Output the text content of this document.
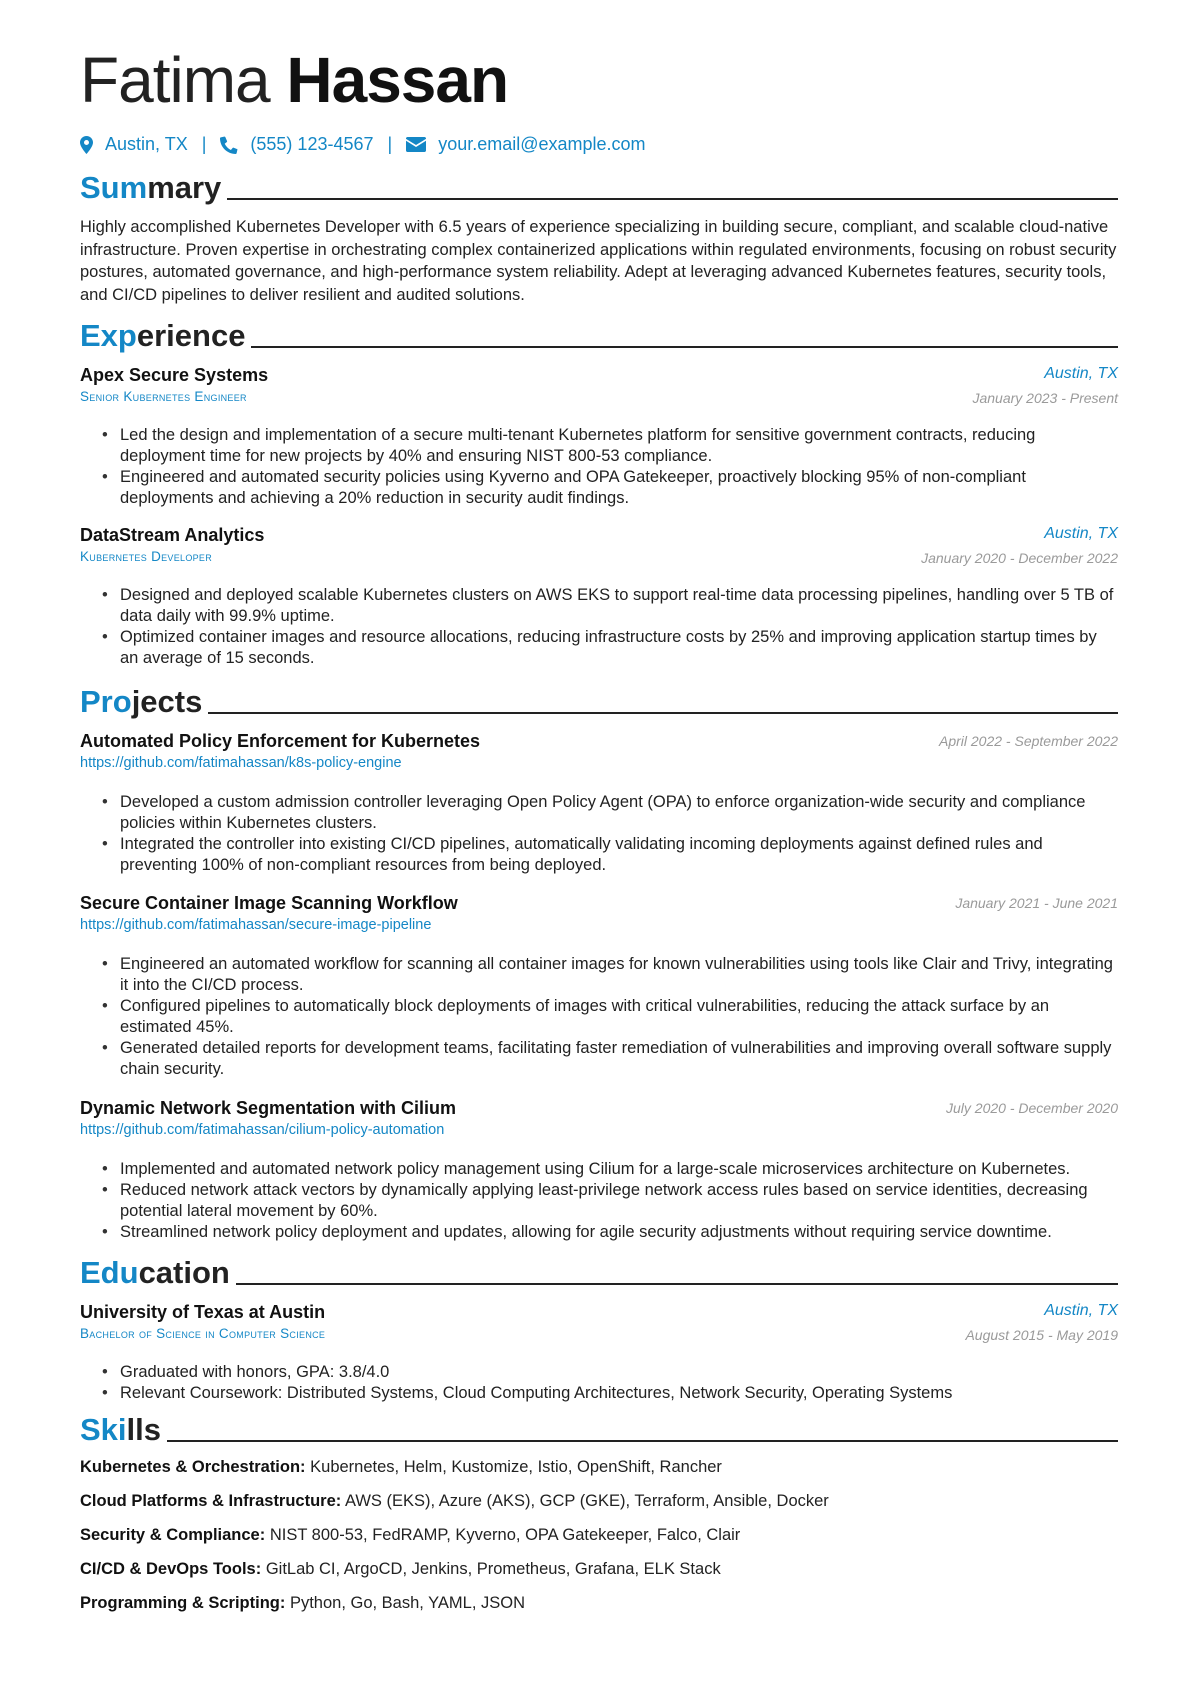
Fatima Hassan
Austin, TX | (555) 123-4567 |	your.email@example.com
Summary
Highly accomplished Kubernetes Developer with 6.5 years of experience specializing in building secure, compliant, and scalable cloud-native infrastructure. Proven expertise in orchestrating complex containerized applications within regulated environments, focusing on robust security postures, automated governance, and high-performance system reliability. Adept at leveraging advanced Kubernetes features, security tools, and CI/CD pipelines to deliver resilient and audited solutions.
Experience
Apex Secure Systems	Austin, TX
Senior Kubernetes Engineer	January 2023 - Present
• Led the design and implementation of a secure multi-tenant Kubernetes platform for sensitive government contracts, reducing deployment time for new projects by 40% and ensuring NIST 800-53 compliance.
• Engineered and automated security policies using Kyverno and OPA Gatekeeper, proactively blocking 95% of non-compliant deployments and achieving a 20% reduction in security audit findings.
DataStream Analytics	Austin, TX
Kubernetes Developer	January 2020 - December 2022
• Designed and deployed scalable Kubernetes clusters on AWS EKS to support real-time data processing pipelines, handling over 5 TB of data daily with 99.9% uptime.
• Optimized container images and resource allocations, reducing infrastructure costs by 25% and improving application startup times by an average of 15 seconds.
Projects
Automated Policy Enforcement for Kubernetes	April 2022 - September 2022
https://github.com/fatimahassan/k8s-policy-engine
• Developed a custom admission controller leveraging Open Policy Agent (OPA) to enforce organization-wide security and compliance policies within Kubernetes clusters.
• Integrated the controller into existing CI/CD pipelines, automatically validating incoming deployments against defined rules and preventing 100% of non-compliant resources from being deployed.
Secure Container Image Scanning Workflow	January 2021 - June 2021
https://github.com/fatimahassan/secure-image-pipeline
• Engineered an automated workflow for scanning all container images for known vulnerabilities using tools like Clair and Trivy, integrating it into the CI/CD process.
• Configured pipelines to automatically block deployments of images with critical vulnerabilities, reducing the attack surface by an estimated 45%.
• Generated detailed reports for development teams, facilitating faster remediation of vulnerabilities and improving overall software supply chain security.
Dynamic Network Segmentation with Cilium	July 2020 - December 2020
https://github.com/fatimahassan/cilium-policy-automation
• Implemented and automated network policy management using Cilium for a large-scale microservices architecture on Kubernetes.
• Reduced network attack vectors by dynamically applying least-privilege network access rules based on service identities, decreasing potential lateral movement by 60%.
• Streamlined network policy deployment and updates, allowing for agile security adjustments without requiring service downtime.
Education
University of Texas at Austin	Austin, TX
Bachelor of Science in Computer Science	August 2015 - May 2019
• Graduated with honors, GPA: 3.8/4.0
• Relevant Coursework: Distributed Systems, Cloud Computing Architectures, Network Security, Operating Systems
Skills
Kubernetes & Orchestration: Kubernetes, Helm, Kustomize, Istio, OpenShift, Rancher
Cloud Platforms & Infrastructure: AWS (EKS), Azure (AKS), GCP (GKE), Terraform, Ansible, Docker
Security & Compliance: NIST 800-53, FedRAMP, Kyverno, OPA Gatekeeper, Falco, Clair
CI/CD & DevOps Tools: GitLab CI, ArgoCD, Jenkins, Prometheus, Grafana, ELK Stack
Programming & Scripting: Python, Go, Bash, YAML, JSON
